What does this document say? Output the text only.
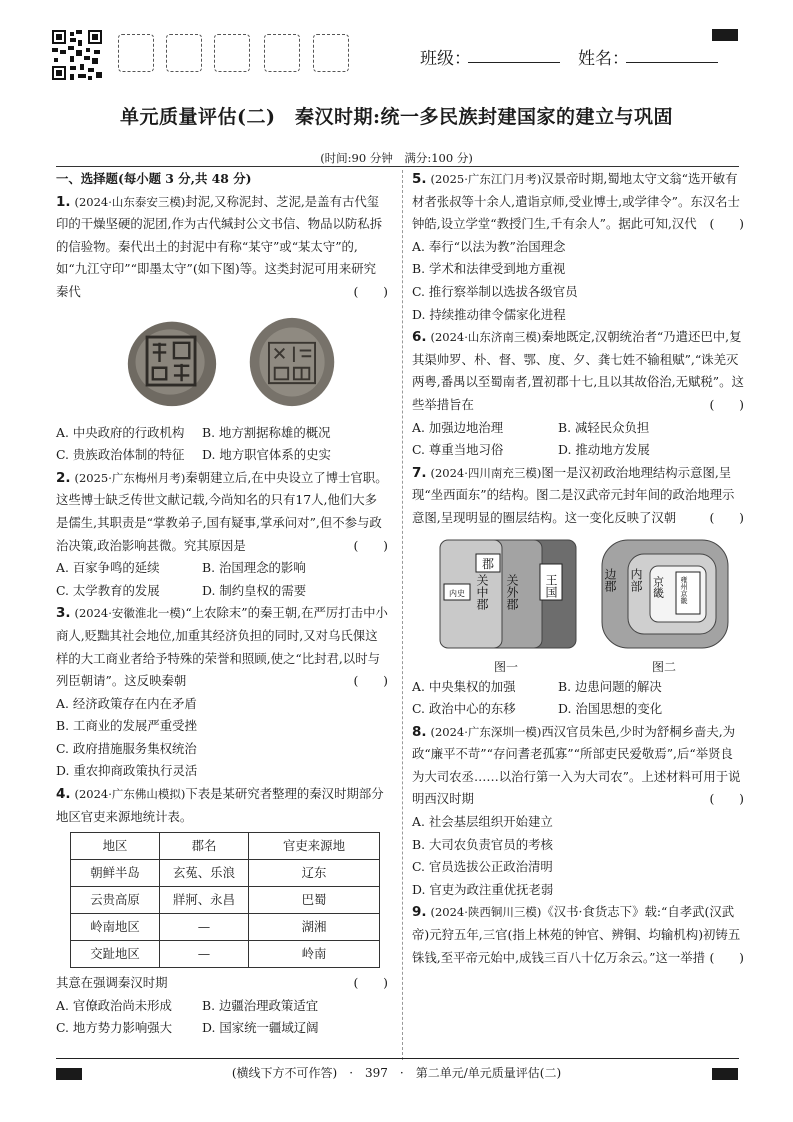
班级：	姓名：
单元质量评估(二)　秦汉时期:统一多民族封建国家的建立与巩固
(时间:90 分钟　满分:100 分)
一、选择题(每小题 3 分,共 48 分)
1. (2024·山东泰安三模)封泥,又称泥封、芝泥,是盖有古代玺印的干燥坚硬的泥团,作为古代缄封公文书信、物品以防私拆的信验物。秦代出土的封泥中有称“某守”或“某太守”的,如“九江守印”“即墨太守”(如下图)等。这类封泥可用来研究秦代	(　　)
A. 中央政府的行政机构	B. 地方割据称雄的概况
C. 贵族政治体制的特征	D. 地方职官体系的史实
2. (2025·广东梅州月考)秦朝建立后,在中央设立了博士官职。这些博士缺乏传世文献记载,今尚知名的只有17人,他们大多是儒生,其职责是“掌教弟子,国有疑事,掌承问对”,但不参与政治决策,政治影响甚微。究其原因是	(　　)
A. 百家争鸣的延续	B. 治国理念的影响
C. 太学教育的发展	D. 制约皇权的需要
3. (2024·安徽淮北一模)“上农除末”的秦王朝,在严厉打击中小商人,贬黜其社会地位,加重其经济负担的同时,又对乌氏倮这样的大工商业者给予特殊的荣誉和照顾,使之“比封君,以时与列臣朝请”。这反映秦朝	(　　)
A. 经济政策存在内在矛盾
B. 工商业的发展严重受挫
C. 政府措施服务集权统治
D. 重农抑商政策执行灵活
4. (2024·广东佛山模拟)下表是某研究者整理的秦汉时期部分地区官吏来源地统计表。
地区	郡名	官吏来源地
朝鲜半岛	玄菟、乐浪	辽东
云贵高原	牂牁、永昌	巴蜀
岭南地区	—	湖湘
交趾地区	—	岭南
其意在强调秦汉时期	(　　)
A. 官僚政治尚未形成	B. 边疆治理政策适宜
C. 地方势力影响强大	D. 国家统一疆域辽阔
5. (2025·广东江门月考)汉景帝时期,蜀地太守文翁“选开敏有材者张叔等十余人,遣诣京师,受业博士,或学律令”。东汉名士钟皓,设立学堂“教授门生,千有余人”。据此可知,汉代 (　　)
A. 奉行“以法为教”治国理念
B. 学术和法律受到地方重视
C. 推行察举制以选拔各级官员
D. 持续推动律令儒家化进程
6. (2024·山东济南三模)秦地既定,汉朝统治者“乃遣还巴中,复其渠帅罗、朴、督、鄂、度、夕、龚七姓不输租赋”,“诛羌灭两粤,番禺以至蜀南者,置初郡十七,且以其故俗治,无赋税”。这些举措旨在	(　　)
A. 加强边地治理	B. 减轻民众负担
C. 尊重当地习俗	D. 推动地方发展
7. (2024·四川南充三模)图一是汉初政治地理结构示意图,呈现“坐西面东”的结构。图二是汉武帝元封年间的政治地理示意图,呈现明显的圈层结构。这一变化反映了汉朝	(　　)
郡
内史 关中郡 关外郡 王国
图一
边郡 内部 京畿 雍州京畿
图二
A. 中央集权的加强	B. 边患问题的解决
C. 政治中心的东移	D. 治国思想的变化
8. (2024·广东深圳一模)西汉官员朱邑,少时为舒桐乡啬夫,为政“廉平不苛”“存问耆老孤寡”“所部吏民爱敬焉”,后“举贤良为大司农丞……以治行第一入为大司农”。上述材料可用于说明西汉时期	(　　)
A. 社会基层组织开始建立
B. 大司农负责官员的考核
C. 官员选拔公正政治清明
D. 官吏为政注重优抚老弱
9. (2024·陕西铜川三模)《汉书·食货志下》载:“自孝武(汉武帝)元狩五年,三官(指上林苑的钟官、辨铜、均输机构)初铸五铢钱,至平帝元始中,成钱三百八十亿万余云。”这一举措 (　　)
(横线下方不可作答)　·　397　·　第二单元/单元质量评估(二)
